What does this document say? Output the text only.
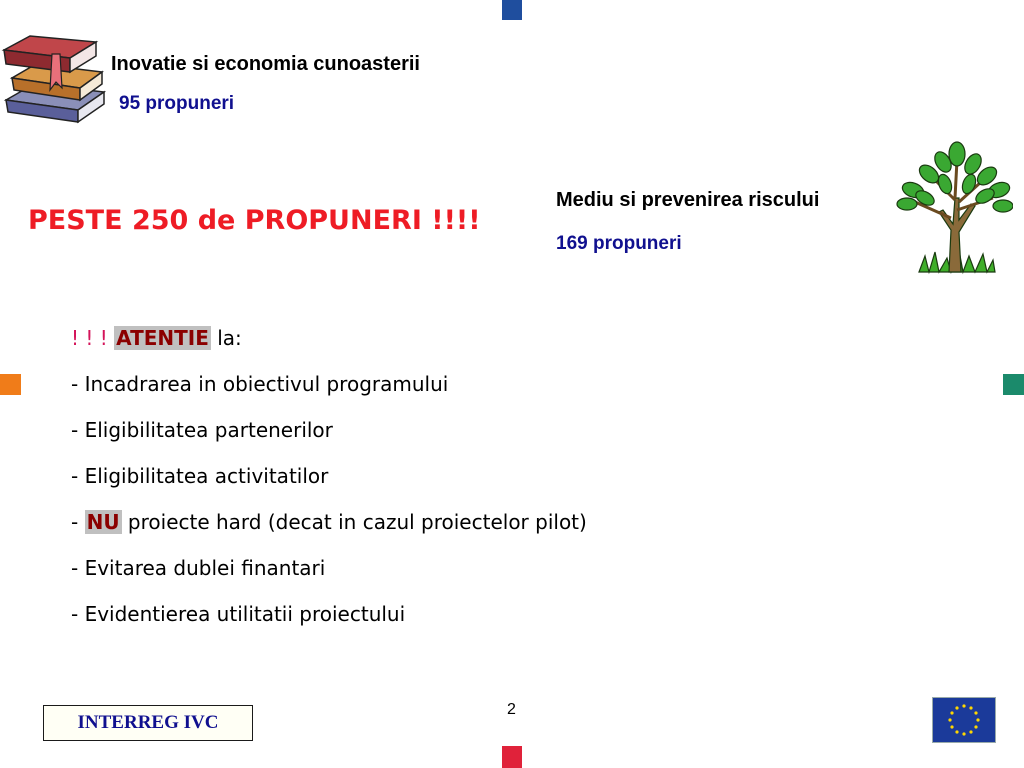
Inovatie si economia cunoasterii
95 propuneri
PESTE 250 de PROPUNERI !!!!
Mediu si prevenirea riscului
169 propuneri
! ! ! ATENTIE la:
- Incadrarea in obiectivul programului
- Eligibilitatea partenerilor
- Eligibilitatea activitatilor
- NU proiecte hard (decat in cazul proiectelor pilot)
- Evitarea dublei finantari
- Evidentierea utilitatii proiectului
2
INTERREG IVC
